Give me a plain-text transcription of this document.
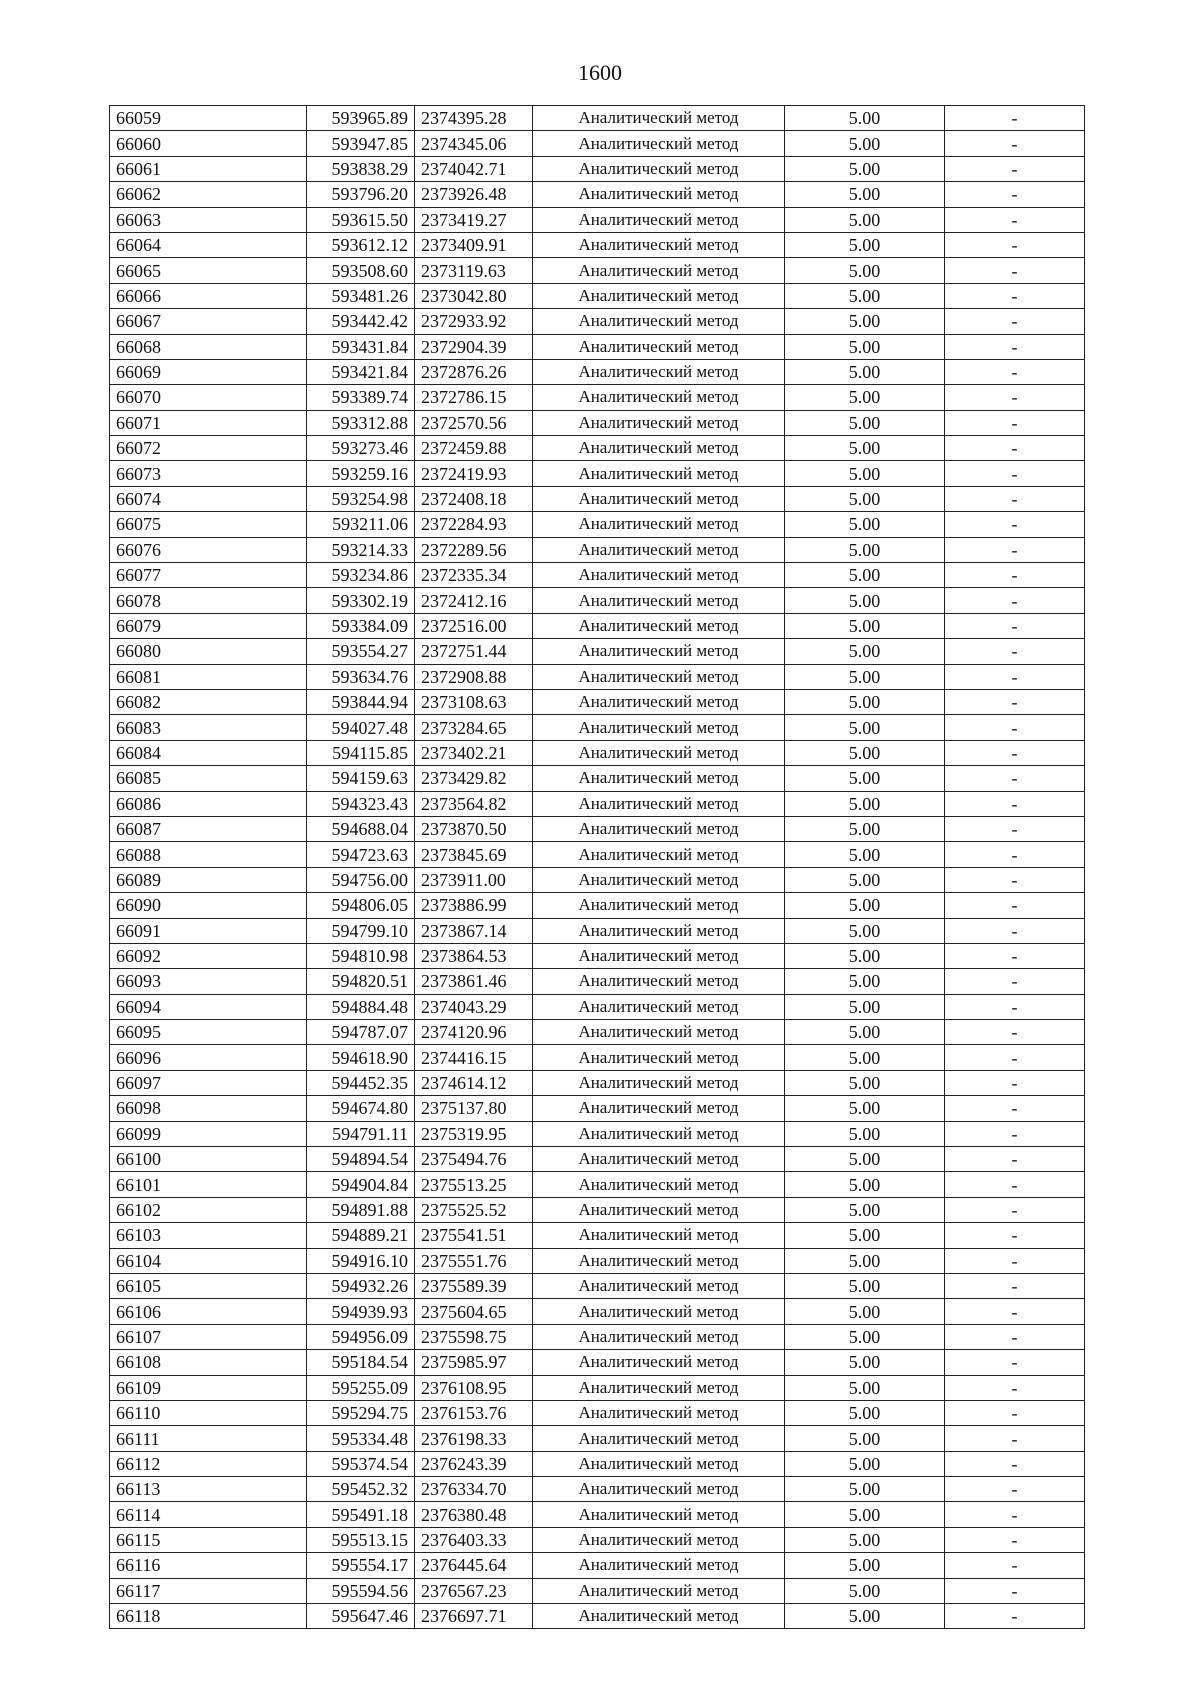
1600
66059	593965.89	2374395.28	Аналитический метод	5.00	-
66060	593947.85	2374345.06	Аналитический метод	5.00	-
66061	593838.29	2374042.71	Аналитический метод	5.00	-
66062	593796.20	2373926.48	Аналитический метод	5.00	-
66063	593615.50	2373419.27	Аналитический метод	5.00	-
66064	593612.12	2373409.91	Аналитический метод	5.00	-
66065	593508.60	2373119.63	Аналитический метод	5.00	-
66066	593481.26	2373042.80	Аналитический метод	5.00	-
66067	593442.42	2372933.92	Аналитический метод	5.00	-
66068	593431.84	2372904.39	Аналитический метод	5.00	-
66069	593421.84	2372876.26	Аналитический метод	5.00	-
66070	593389.74	2372786.15	Аналитический метод	5.00	-
66071	593312.88	2372570.56	Аналитический метод	5.00	-
66072	593273.46	2372459.88	Аналитический метод	5.00	-
66073	593259.16	2372419.93	Аналитический метод	5.00	-
66074	593254.98	2372408.18	Аналитический метод	5.00	-
66075	593211.06	2372284.93	Аналитический метод	5.00	-
66076	593214.33	2372289.56	Аналитический метод	5.00	-
66077	593234.86	2372335.34	Аналитический метод	5.00	-
66078	593302.19	2372412.16	Аналитический метод	5.00	-
66079	593384.09	2372516.00	Аналитический метод	5.00	-
66080	593554.27	2372751.44	Аналитический метод	5.00	-
66081	593634.76	2372908.88	Аналитический метод	5.00	-
66082	593844.94	2373108.63	Аналитический метод	5.00	-
66083	594027.48	2373284.65	Аналитический метод	5.00	-
66084	594115.85	2373402.21	Аналитический метод	5.00	-
66085	594159.63	2373429.82	Аналитический метод	5.00	-
66086	594323.43	2373564.82	Аналитический метод	5.00	-
66087	594688.04	2373870.50	Аналитический метод	5.00	-
66088	594723.63	2373845.69	Аналитический метод	5.00	-
66089	594756.00	2373911.00	Аналитический метод	5.00	-
66090	594806.05	2373886.99	Аналитический метод	5.00	-
66091	594799.10	2373867.14	Аналитический метод	5.00	-
66092	594810.98	2373864.53	Аналитический метод	5.00	-
66093	594820.51	2373861.46	Аналитический метод	5.00	-
66094	594884.48	2374043.29	Аналитический метод	5.00	-
66095	594787.07	2374120.96	Аналитический метод	5.00	-
66096	594618.90	2374416.15	Аналитический метод	5.00	-
66097	594452.35	2374614.12	Аналитический метод	5.00	-
66098	594674.80	2375137.80	Аналитический метод	5.00	-
66099	594791.11	2375319.95	Аналитический метод	5.00	-
66100	594894.54	2375494.76	Аналитический метод	5.00	-
66101	594904.84	2375513.25	Аналитический метод	5.00	-
66102	594891.88	2375525.52	Аналитический метод	5.00	-
66103	594889.21	2375541.51	Аналитический метод	5.00	-
66104	594916.10	2375551.76	Аналитический метод	5.00	-
66105	594932.26	2375589.39	Аналитический метод	5.00	-
66106	594939.93	2375604.65	Аналитический метод	5.00	-
66107	594956.09	2375598.75	Аналитический метод	5.00	-
66108	595184.54	2375985.97	Аналитический метод	5.00	-
66109	595255.09	2376108.95	Аналитический метод	5.00	-
66110	595294.75	2376153.76	Аналитический метод	5.00	-
66111	595334.48	2376198.33	Аналитический метод	5.00	-
66112	595374.54	2376243.39	Аналитический метод	5.00	-
66113	595452.32	2376334.70	Аналитический метод	5.00	-
66114	595491.18	2376380.48	Аналитический метод	5.00	-
66115	595513.15	2376403.33	Аналитический метод	5.00	-
66116	595554.17	2376445.64	Аналитический метод	5.00	-
66117	595594.56	2376567.23	Аналитический метод	5.00	-
66118	595647.46	2376697.71	Аналитический метод	5.00	-
